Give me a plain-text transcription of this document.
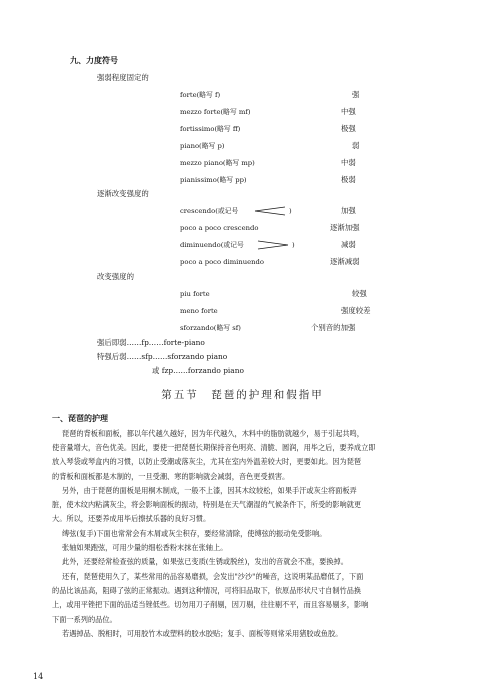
九、力度符号
强弱程度固定的
forte(略写 f)	强
mezzo forte(略写 mf)	中强
fortissimo(略写 ff)	极强
piano(略写 p)	弱
mezzo piano(略写 mp)	中弱
pianissimo(略写 pp)	极弱
逐渐改变强度的
crescendo(或记号	)	加强
poco a poco crescendo	逐渐加强
diminuendo(或记号	)	减弱
poco a poco diminuendo	逐渐减弱
改变强度的
piu forte	较强
meno forte	强度较差
sforzando(略写 sf)	个别音的加强
强后即弱……fp……forte-piano
特强后弱……sfp……sforzando piano
或 fzp……forzando piano
第五节　琵琶的护理和假指甲
一、琵琶的护理
琵琶的背板和面板，都以年代越久越好，因为年代越久，木料中的脂肪就越少，易于引起共鸣，
使音量增大，音色优美。因此，要使一把琵琶长期保持音色明亮、清脆、圆润，用毕之后，要养成立即
放入琴袋或琴盒内的习惯，以防止受潮或落灰尘，尤其在室内外温差较大时，更要如此。因为琵琶
的背板和面板都是木制的，一旦受潮、寒的影响就会减弱，音色更受损害。
另外，由于琵琶的面板是用桐木制成，一般不上漆，因其木纹较松，如果手汗或灰尘将面板弄
脏，使木纹内粘满灰尘，将会影响面板的振动，特别是在天气潮湿的气候条件下，所受的影响就更
大。所以，还要养成用毕后擦拭乐器的良好习惯。
缚弦(复手)下面也常常会有木屑或灰尘积存，要经常清除，使缚弦的振动免受影响。
张轴如果跑弦，可用少量的细松香粉末抹在张轴上。
此外，还要经常检查弦的质量，如果弦已变质(生锈或脱丝)，发出的音就会不准，要换掉。
还有，琵琶使用久了，某些常用的品容易磨损，会发出"沙沙"的噪音，这说明某品磨低了，下面
的品比该品高，阻碍了弦的正常振动。遇到这种情况，可将旧品取下，依原品形状尺寸自制竹品换
上，或用平锉把下面的品适当锉低些。切勿用刀子削剔，因刀剔，往往剔不平，而且容易剔多，影响
下面一系列的品位。
若遇掉品、脱相时，可用胶竹木或塑料的胶水胶贴；复手、面板等则常采用猪胶或鱼胶。
14
